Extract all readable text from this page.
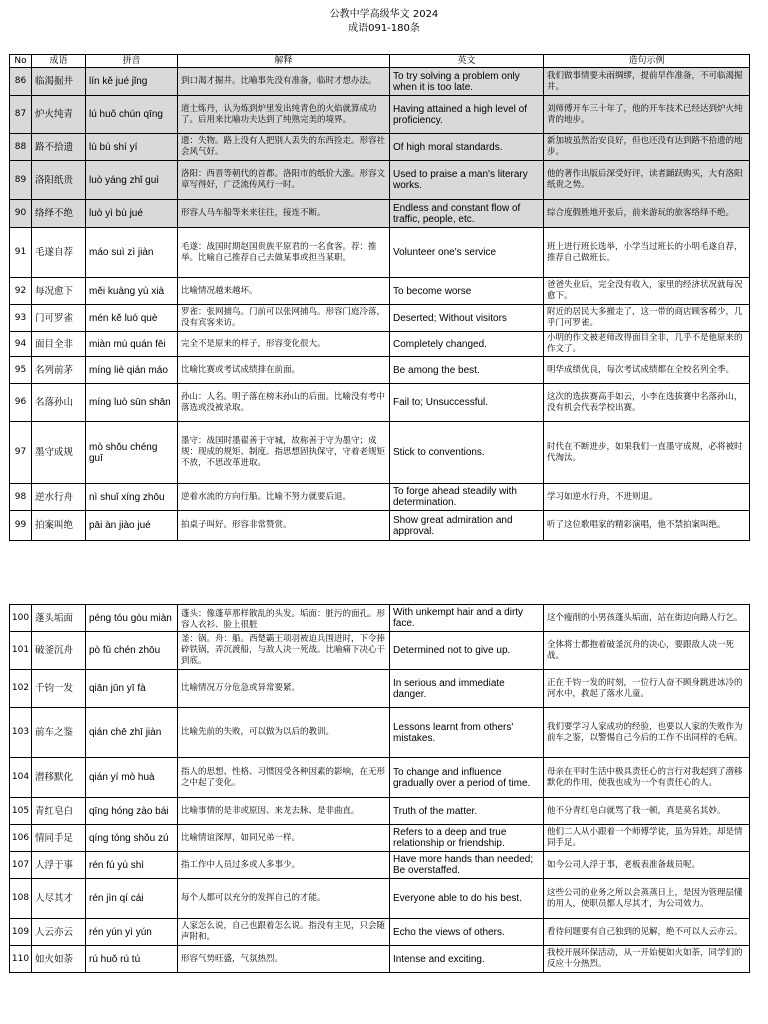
公教中学高级华文 2024
成语091-180条
No	成语	拼音	解释	英文	造句示例
86	临渴掘井	lín kě jué jǐng	到口渴才掘井。比喻事先没有准备，临时才想办法。	To try solving a problem only when it is too late.	我们做事情要未雨绸缪，提前早作准备，不可临渴掘井。
87	炉火纯青	lú huǒ chún qīng	道士炼丹，认为炼到炉里发出纯青色的火焰就算成功了。后用来比喻功夫达到了纯熟完美的境界。	Having attained a high level of proficiency.	刘师傅开车三十年了，他的开车技术已经达到炉火纯青的地步。
88	路不拾遗	lù bù shí yí	遗：失物。路上没有人把别人丢失的东西捡走。形容社会风气好。	Of high moral standards.	新加坡虽然治安良好，但也还没有达到路不拾遗的地步。
89	洛阳纸贵	luò yáng zhǐ guì	洛阳：西晋等朝代的首都。洛阳市的纸价大涨。形容文章写得好，广泛流传风行一时。	Used to praise a man's literary works.	他的著作出版后深受好评，读者踊跃购买，大有洛阳纸贵之势。
90	络绎不绝	luò yì bù jué	形容人马车船等来来往往，接连不断。	Endless and constant flow of traffic, people, etc.	综合度假胜地开张后，前来游玩的旅客络绎不绝。
91	毛遂自荐	máo suì zì jiàn	毛遂：战国时期赵国贵族平原君的一名食客。荐：推举。比喻自己推荐自己去做某事或担当某职。	Volunteer one's service	班上进行班长选举，小学当过班长的小明毛遂自荐，推荐自己做班长。
92	每况愈下	měi kuàng yù xià	比喻情况越来越坏。	To become worse	爸爸失业后，完全没有收入，家里的经济状况就每况愈下。
93	门可罗雀	mén kě luó què	罗雀：张网捕鸟。门前可以张网捕鸟。形容门庭冷落，没有宾客来访。	Deserted; Without visitors	附近的居民大多搬走了，这一带的商店顾客稀少，几乎门可罗雀。
94	面目全非	miàn mù quán fēi	完全不是原来的样子，形容变化很大。	Completely changed.	小明的作文被老师改得面目全非，几乎不是他原来的作文了。
95	名列前茅	míng liè qián máo	比喻比赛或考试成绩排在前面。	Be among the best.	明华成绩优良，每次考试成绩都在全校名列全季。
96	名落孙山	míng luò sūn shān	孙山：人名。明子落在榜末孙山的后面。比喻没有考中落选或没被录取。	Fail to; Unsuccessful.	这次的选拔赛高手如云，小李在选拔赛中名落孙山，没有机会代表学校出赛。
97	墨守成规	mò shǒu chéng guī	墨守：战国时墨翟善于守城，故称善于守为墨守；成规：现成的规矩、制度。指思想固执保守，守着老规矩不放，不思改革进取。	Stick to conventions.	时代在不断进步，如果我们一直墨守成规，必将被时代淘汰。
98	逆水行舟	nì shuǐ xíng zhōu	逆着水流的方向行船。比喻不努力就要后退。	To forge ahead steadily with determination.	学习如逆水行舟，不进则退。
99	拍案叫绝	pāi àn jiào jué	拍桌子叫好。形容非常赞赏。	Show great admiration and approval.	听了这位歌唱家的精彩演唱，他不禁拍案叫绝。
100	蓬头垢面	péng tóu gòu miàn	蓬头：像蓬草那样散乱的头发。垢面：脏污的面孔。形容人衣衫、脸上很脏	With unkempt hair and a dirty face.	这个瘦削的小男孩蓬头垢面，站在街边向路人行乞。
101	破釜沉舟	pò fǔ chén zhōu	釜：锅。舟：船。西楚霸王项羽被迫兵围进时，下令捧碎铁锅，弄沉渡船，与敌人决一死战。比喻痛下决心干到底。	Determined not to give up.	全体将士都抱着破釜沉舟的决心，要跟敌人决一死战。
102	千钧一发	qiān jūn yī fà	比喻情况万分危急或异常要紧。	In serious and immediate danger.	正在千钧一发的时刻，一位行人奋不顾身跳进冰冷的河水中，救起了落水儿童。
103	前车之鉴	qián chē zhī jiàn	比喻先前的失败，可以做为以后的教训。	Lessons learnt from others' mistakes.	我们要学习人家成功的经验，也要以人家的失败作为前车之鉴，以警惕自己今后的工作不出同样的毛病。
104	潜移默化	qián yí mò huà	指人的思想、性格、习惯因受各种因素的影响，在无形之中起了变化。	To change and influence gradually over a period of time.	母亲在平时生活中极具责任心的言行对我起到了潜移默化的作用，使我也成为一个有责任心的人。
105	青红皂白	qīng hóng zào bái	比喻事情的是非或原因、来龙去脉、是非曲直。	Truth of the matter.	他不分青红皂白就骂了我一顿，真是莫名其妙。
106	情同手足	qíng tóng shǒu zú	比喻情谊深厚，如同兄弟一样。	Refers to a deep and true relationship or friendship.	他们二人从小跟着一个师傅学徒，虽为异姓，却是情同手足。
107	人浮于事	rén fú yú shì	指工作中人员过多或人多事少。	Have more hands than needed; Be overstaffed.	如今公司人浮于事，老板表准备裁员呢。
108	人尽其才	rén jìn qí cái	每个人都可以充分的发挥自己的才能。	Everyone able to do his best.	这些公司的业务之所以会蒸蒸日上，是因为管理层懂的用人，使职员都人尽其才，为公司效力。
109	人云亦云	rén yún yì yún	人家怎么说，自己也跟着怎么说。指没有主见，只会随声附和。	Echo the views of others.	看待问题要有自己独到的见解，绝不可以人云亦云。
110	如火如荼	rú huǒ rú tú	形容气势旺盛，气氛热烈。	Intense and exciting.	我校开展环保活动，从一开始便如火如荼，同学们的反应十分热烈。
